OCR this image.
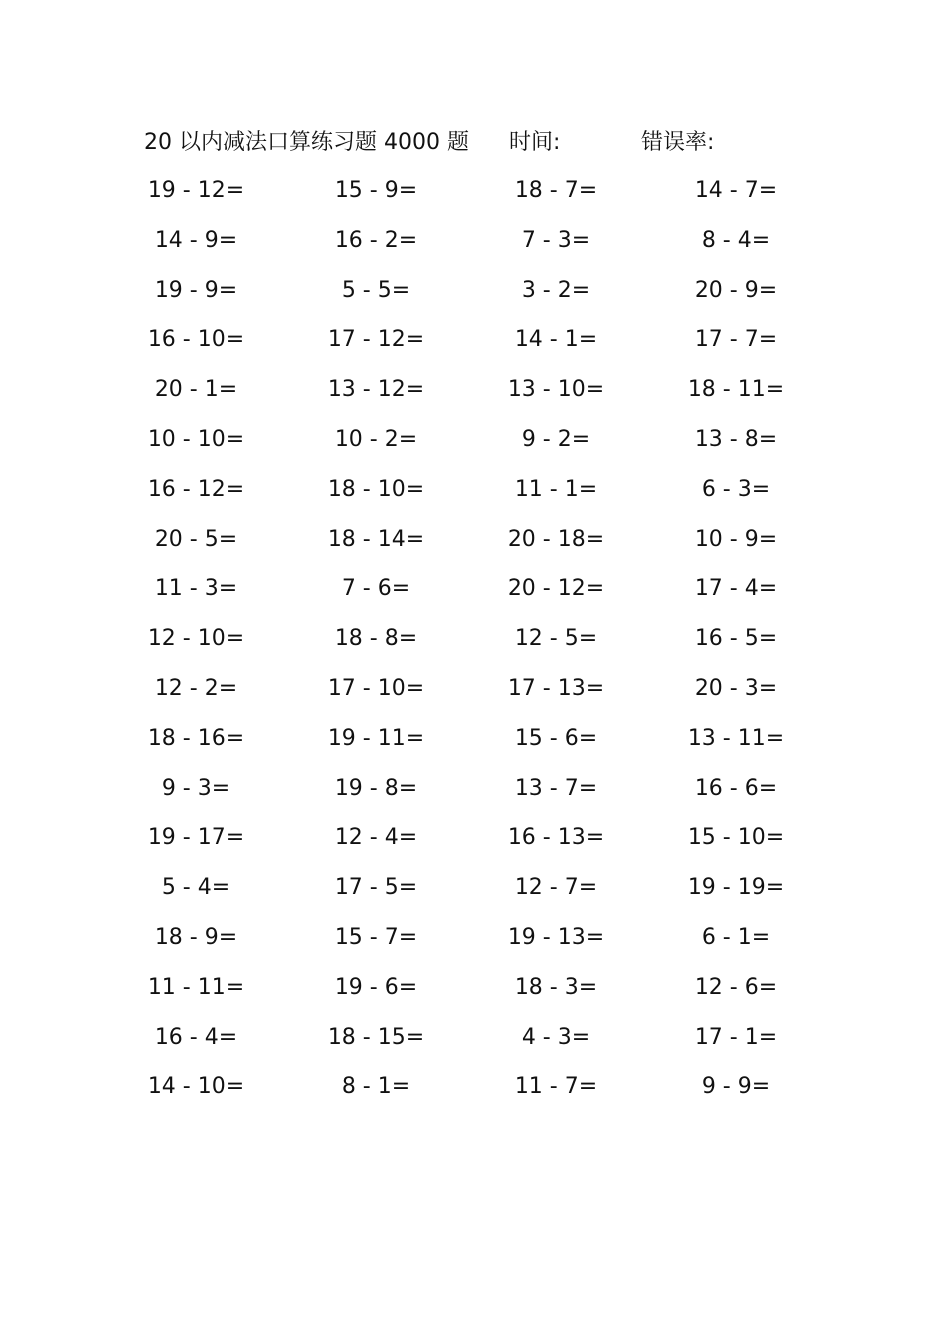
20 以内减法口算练习题 4000 题 时间:	错误率:
19 - 12=	15 - 9=	18 - 7=	14 - 7=
14 - 9=	16 - 2=	7 - 3=	8 - 4=
19 - 9=	5 - 5=	3 - 2=	20 - 9=
16 - 10=	17 - 12=	14 - 1=	17 - 7=
20 - 1=	13 - 12=	13 - 10=	18 - 11=
10 - 10=	10 - 2=	9 - 2=	13 - 8=
16 - 12=	18 - 10=	11 - 1=	6 - 3=
20 - 5=	18 - 14=	20 - 18=	10 - 9=
11 - 3=	7 - 6=	20 - 12=	17 - 4=
12 - 10=	18 - 8=	12 - 5=	16 - 5=
12 - 2=	17 - 10=	17 - 13=	20 - 3=
18 - 16=	19 - 11=	15 - 6=	13 - 11=
9 - 3=	19 - 8=	13 - 7=	16 - 6=
19 - 17=	12 - 4=	16 - 13=	15 - 10=
5 - 4=	17 - 5=	12 - 7=	19 - 19=
18 - 9=	15 - 7=	19 - 13=	6 - 1=
11 - 11=	19 - 6=	18 - 3=	12 - 6=
16 - 4=	18 - 15=	4 - 3=	17 - 1=
14 - 10=	8 - 1=	11 - 7=	9 - 9=
